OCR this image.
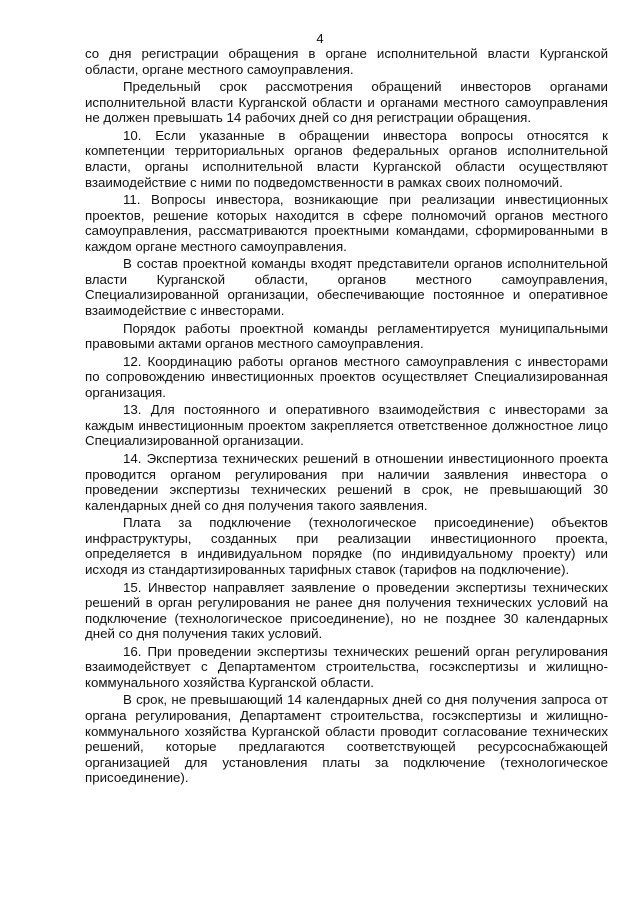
4

со дня регистрации обращения в органе исполнительной власти Курганской области, органе местного самоуправления.

Предельный срок рассмотрения обращений инвесторов органами исполнительной власти Курганской области и органами местного самоуправления не должен превышать 14 рабочих дней со дня регистрации обращения.

10. Если указанные в обращении инвестора вопросы относятся к компетенции территориальных органов федеральных органов исполнительной власти, органы исполнительной власти Курганской области осуществляют взаимодействие с ними по подведомственности в рамках своих полномочий.

11. Вопросы инвестора, возникающие при реализации инвестиционных проектов, решение которых находится в сфере полномочий органов местного самоуправления, рассматриваются проектными командами, сформированными в каждом органе местного самоуправления.

В состав проектной команды входят представители органов исполнительной власти Курганской области, органов местного самоуправления, Специализированной организации, обеспечивающие постоянное и оперативное взаимодействие с инвесторами.

Порядок работы проектной команды регламентируется муниципальными правовыми актами органов местного самоуправления.

12. Координацию работы органов местного самоуправления с инвесторами по сопровождению инвестиционных проектов осуществляет Специализированная организация.

13. Для постоянного и оперативного взаимодействия с инвесторами за каждым инвестиционным проектом закрепляется ответственное должностное лицо Специализированной организации.

14. Экспертиза технических решений в отношении инвестиционного проекта проводится органом регулирования при наличии заявления инвестора о проведении экспертизы технических решений в срок, не превышающий 30 календарных дней со дня получения такого заявления.

Плата за подключение (технологическое присоединение) объектов инфраструктуры, созданных при реализации инвестиционного проекта, определяется в индивидуальном порядке (по индивидуальному проекту) или исходя из стандартизированных тарифных ставок (тарифов на подключение).

15. Инвестор направляет заявление о проведении экспертизы технических решений в орган регулирования не ранее дня получения технических условий на подключение (технологическое присоединение), но не позднее 30 календарных дней со дня получения таких условий.

16. При проведении экспертизы технических решений орган регулирования взаимодействует с Департаментом строительства, госэкспертизы и жилищно-коммунального хозяйства Курганской области.

В срок, не превышающий 14 календарных дней со дня получения запроса от органа регулирования, Департамент строительства, госэкспертизы и жилищно-коммунального хозяйства Курганской области проводит согласование технических решений, которые предлагаются соответствующей ресурсоснабжающей организацией для установления платы за подключение (технологическое присоединение).
